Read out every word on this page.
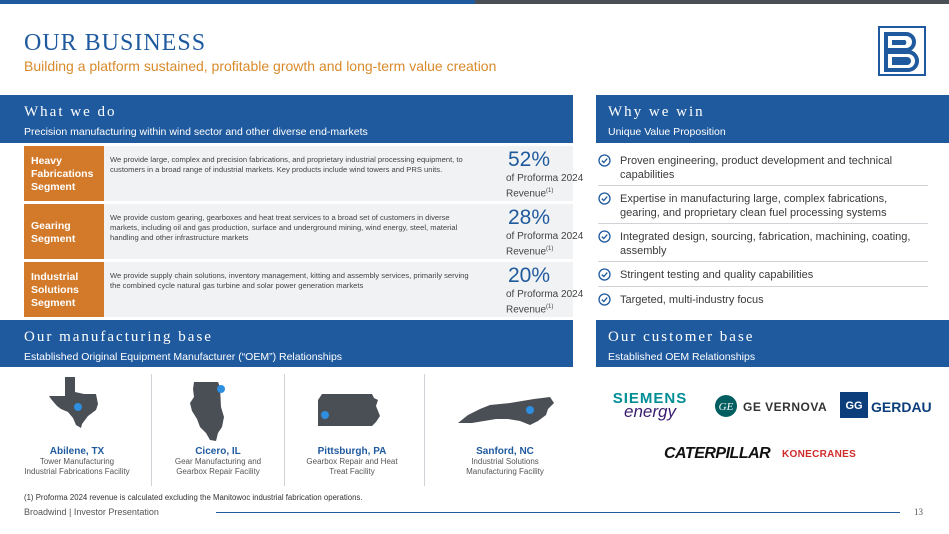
OUR BUSINESS
Building a platform sustained, profitable growth and long-term value creation
What we do
Precision manufacturing within wind sector and other diverse end-markets
Why we win
Unique Value Proposition
Heavy Fabrications Segment
We provide large, complex and precision fabrications, and proprietary industrial processing equipment, to customers in a broad range of industrial markets. Key products include wind towers and PRS units.	52%
of Proforma 2024 Revenue$^{(1)}$
Gearing Segment
We provide custom gearing, gearboxes and heat treat services to a broad set of customers in diverse markets, including oil and gas production, surface and underground mining, wind energy, steel, material handling and other infrastructure markets
28%
of Proforma 2024 Revenue$^{(1)}$
Industrial Solutions Segment
We provide supply chain solutions, inventory management, kitting and assembly services, primarily serving the combined cycle natural gas turbine and solar power generation markets	20%
of Proforma 2024 Revenue$^{(1)}$
Proven engineering, product development and technical capabilities
Expertise in manufacturing large, complex fabrications, gearing, and proprietary clean fuel processing systems
Integrated design, sourcing, fabrication, machining, coating, assembly
Stringent testing and quality capabilities
Targeted, multi-industry focus
Our manufacturing base
Established Original Equipment Manufacturer (“OEM”) Relationships
Our customer base
Established OEM Relationships
Abilene, TX
Tower Manufacturing Industrial Fabrications Facility
Cicero, IL
Gear Manufacturing and Gearbox Repair Facility
Pittsburgh, PA
Gearbox Repair and Heat Treat Facility
Sanford, NC
Industrial Solutions Manufacturing Facility
SIEMENS
energy	GE GE VERNOVA GG GERDAU
CATERPILLAR KONECRANES
(1) Proforma 2024 revenue is calculated excluding the Manitowoc industrial fabrication operations.
Broadwind | Investor Presentation	13
